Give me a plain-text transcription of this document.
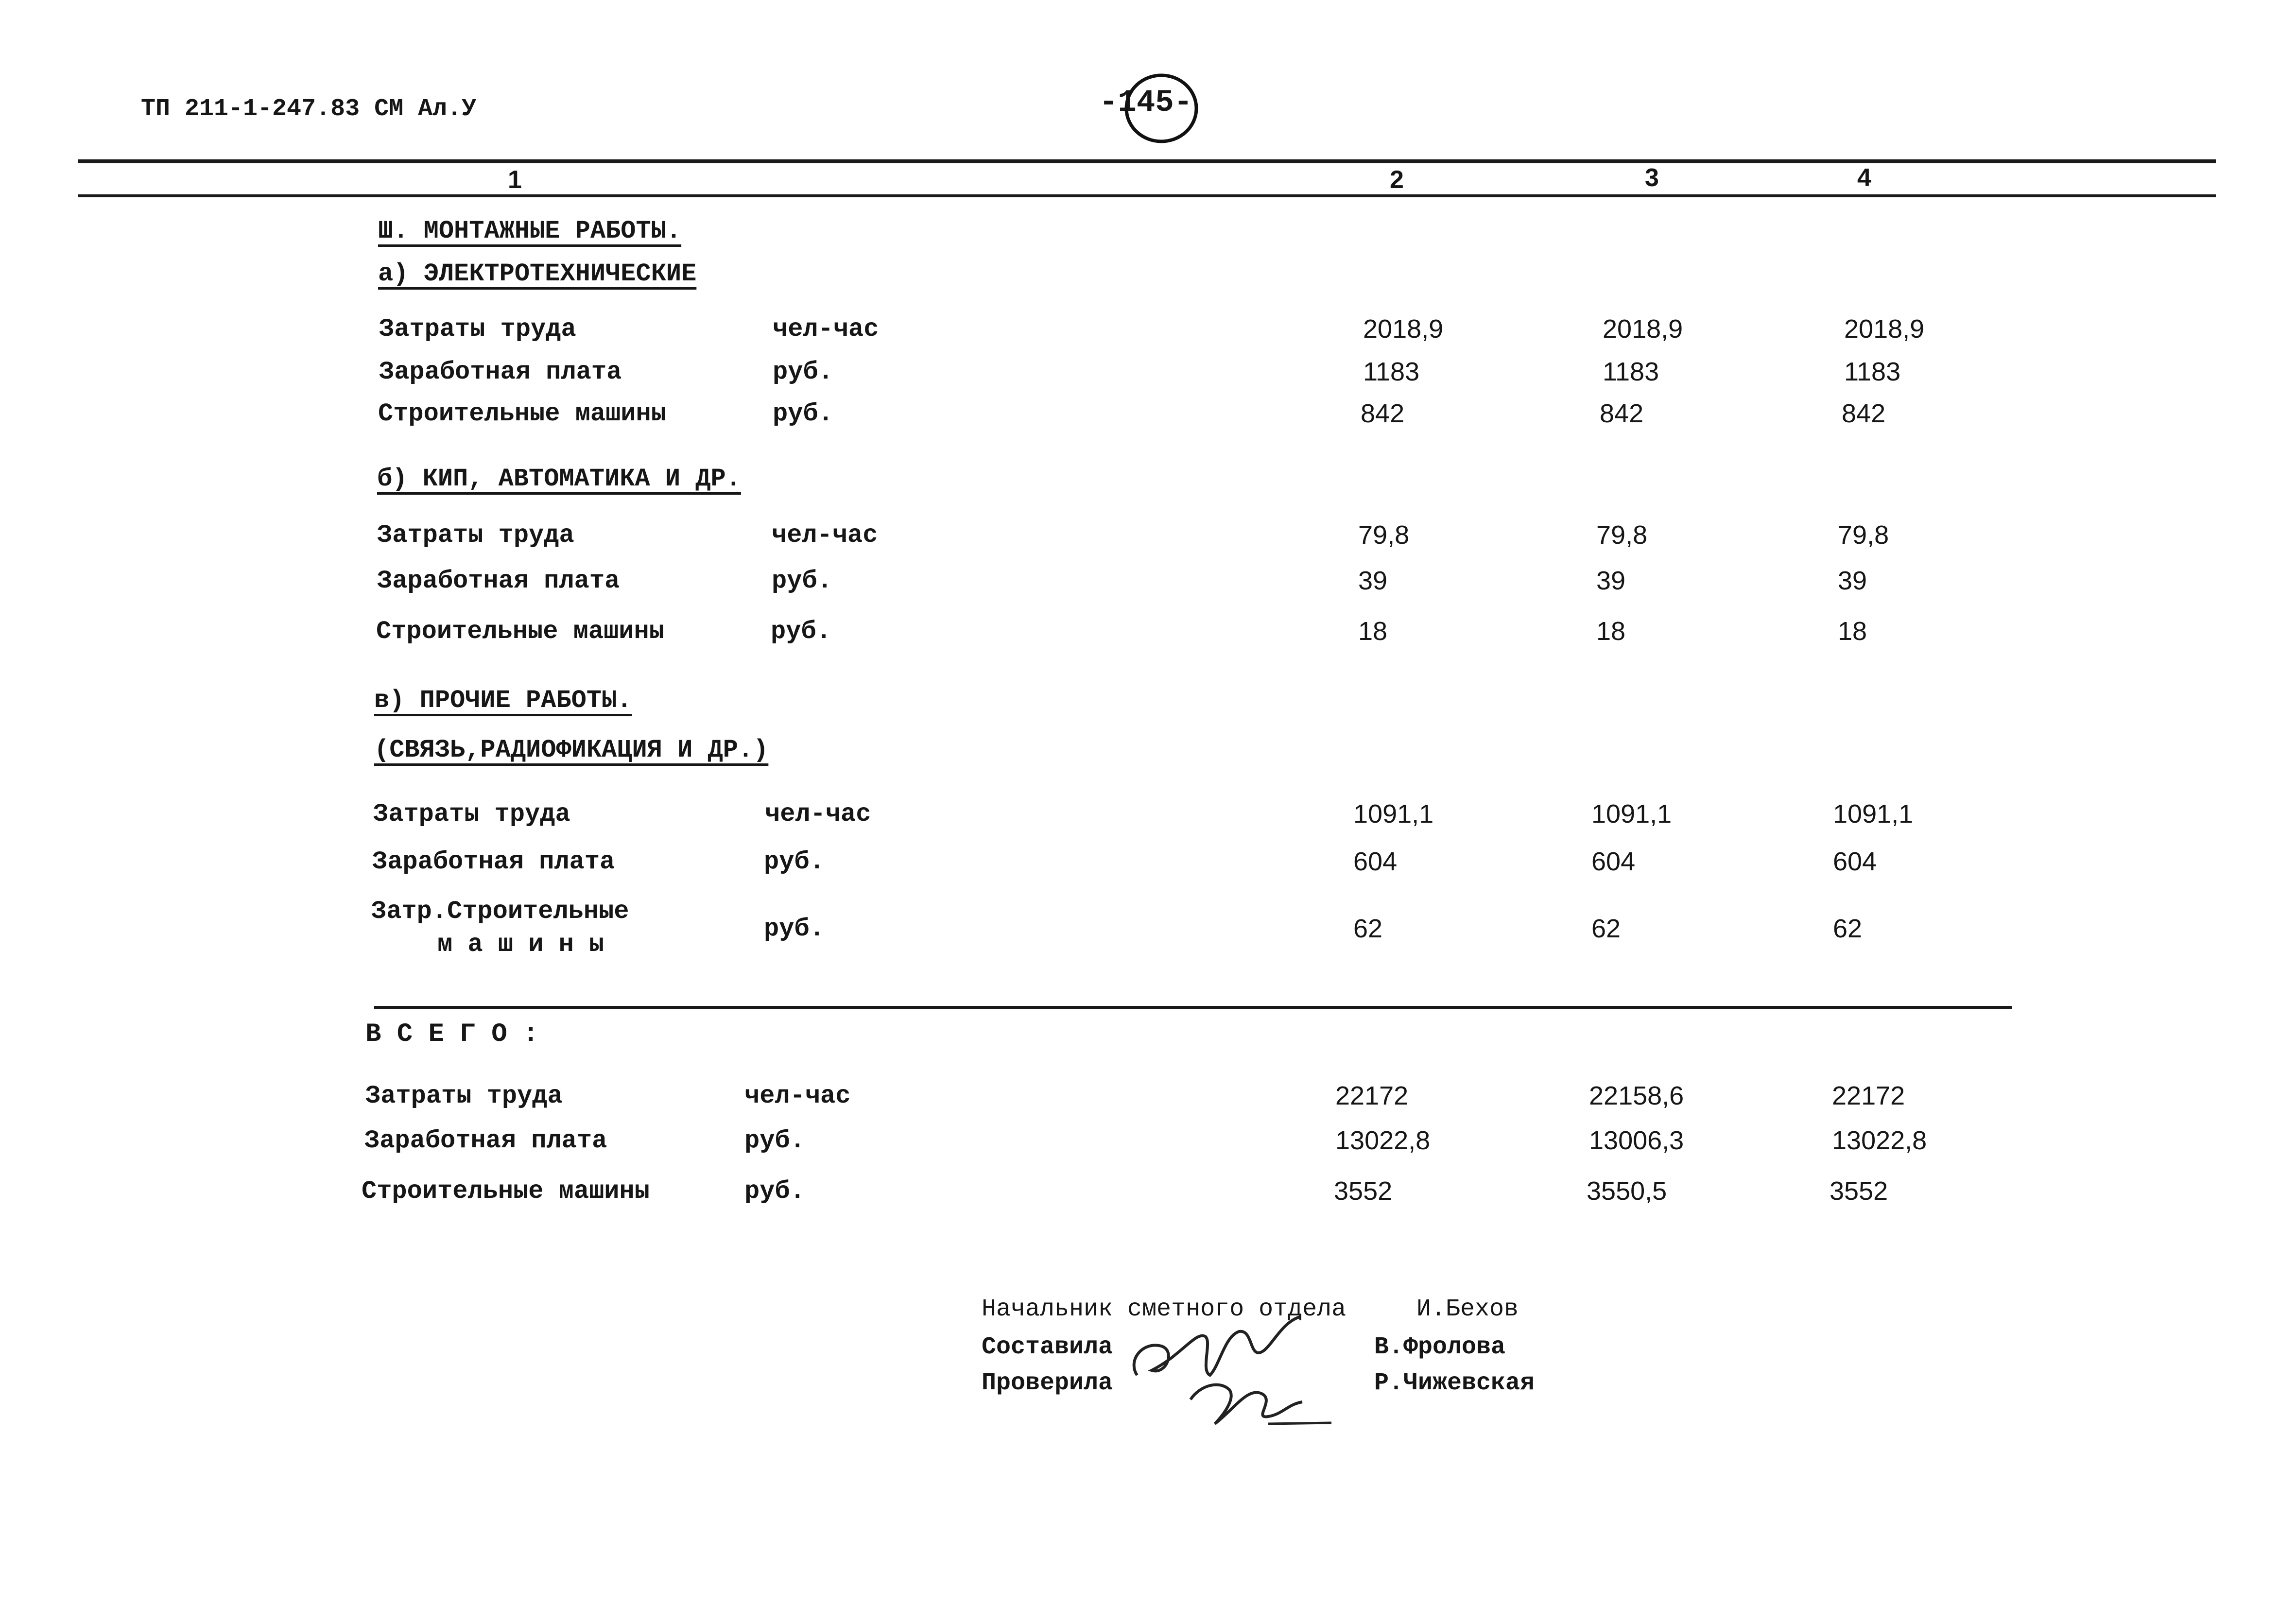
ТП 211-1-247.83 СМ Ал.У	-145-
1	2	3	4
Ш. МОНТАЖНЫЕ РАБОТЫ.
а) ЭЛЕКТРОТЕХНИЧЕСКИЕ
Затраты труда	чел-час	2018,9	2018,9	2018,9
Заработная плата	руб.	1183	1183	1183
Строительные машины	руб.	842	842	842
б) КИП, АВТОМАТИКА И ДР.
Затраты труда	чел-час	79,8	79,8	79,8
Заработная плата	руб.	39	39	39
Строительные машины	руб.	18	18	18
в) ПРОЧИЕ РАБОТЫ.
(СВЯЗЬ,РАДИОФИКАЦИЯ И ДР.)
Затраты труда	чел-час	1091,1	1091,1	1091,1
Заработная плата	руб.	604	604	604
Затр.Строительные
м а ш и н ы
руб.	62	62	62
В С Е Г О :
Затраты труда	чел-час	22172	22158,6	22172
Заработная плата	руб.	13022,8	13006,3	13022,8
Строительные машины	руб.	3552	3550,5	3552
Начальник сметного отдела	И.Бехов
Составила	В.Фролова
Проверила	Р.Чижевская
